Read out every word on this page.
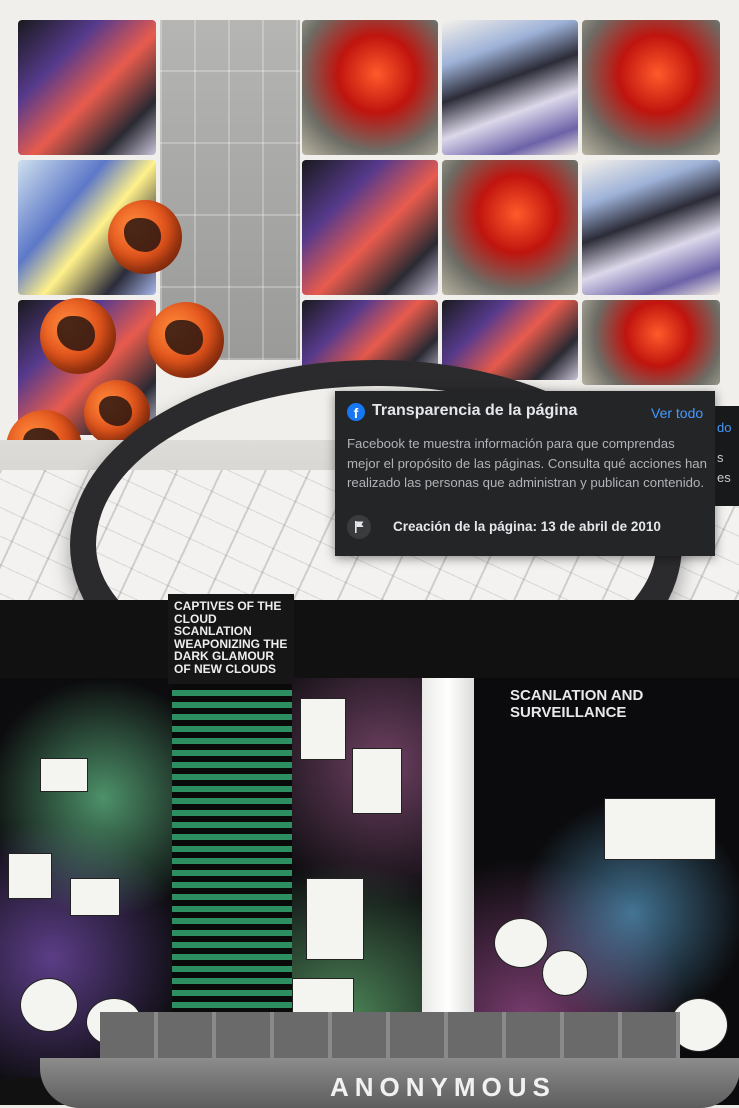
CAPTIVES OF THE CLOUD SCANLATION WEAPONIZING THE DARK GLAMOUR OF NEW CLOUDS
SCANLATION AND SURVEILLANCE
ANONYMOUS
f Transparencia de la página	Ver todo
Facebook te muestra información para que comprendas mejor el propósito de las páginas. Consulta qué acciones han realizado las personas que administran y publican contenido.
Creación de la página: 13 de abril de 2010
do
s
es
